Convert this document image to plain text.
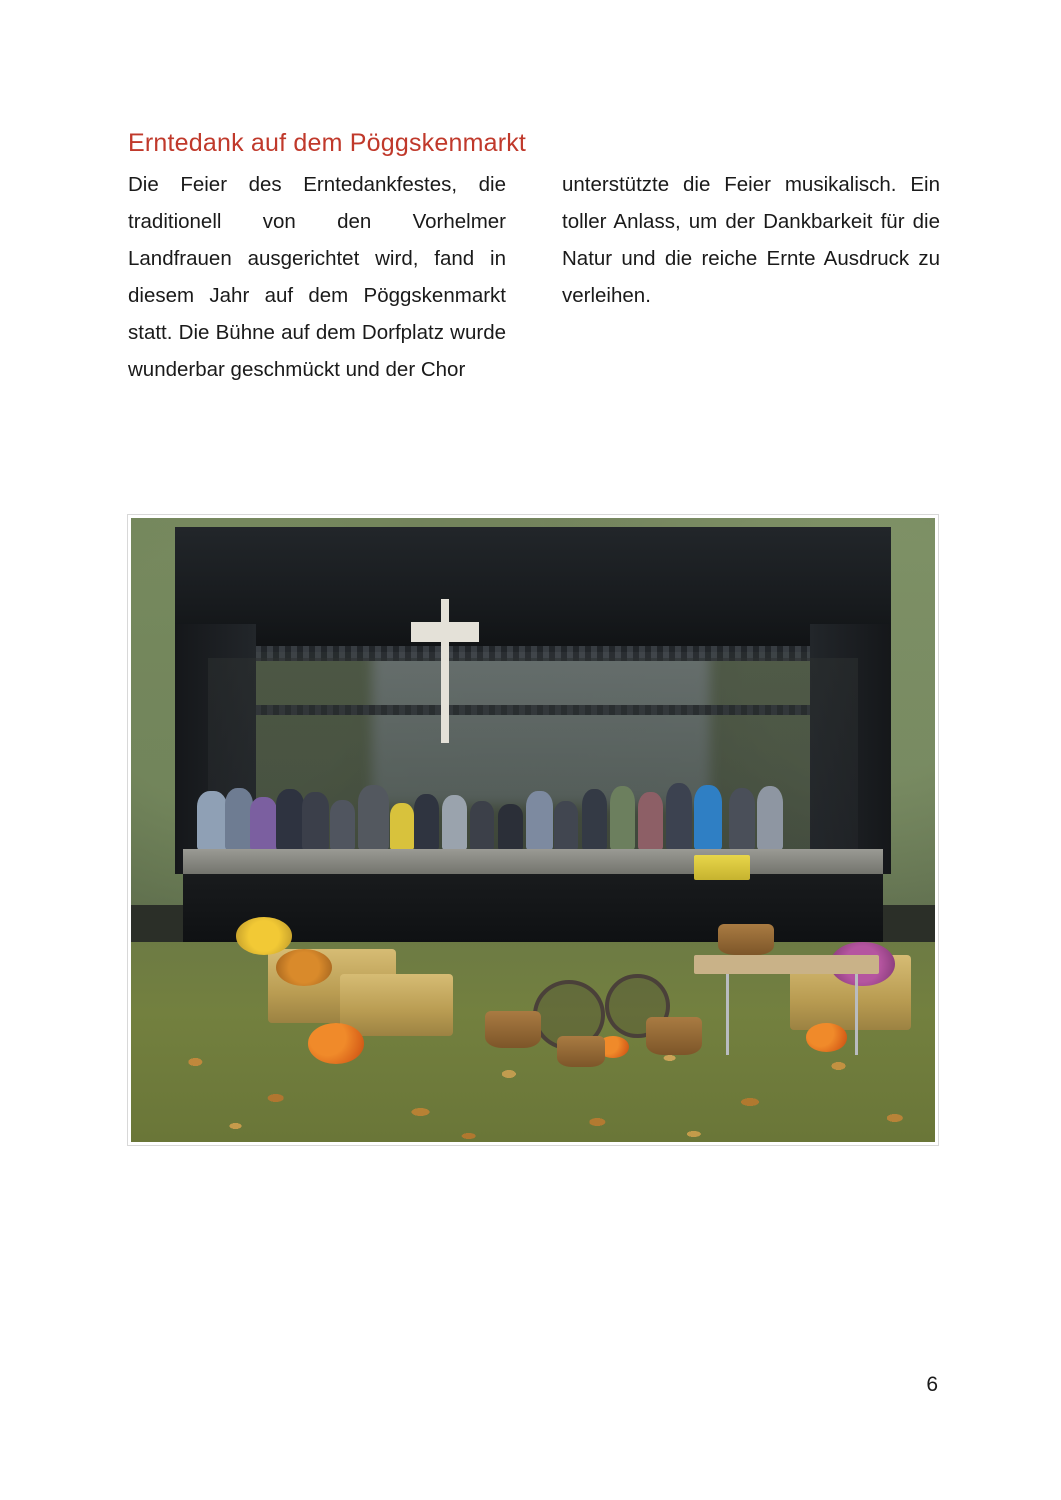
Erntedank auf dem Pöggskenmarkt

Die Feier des Erntedankfestes, die traditionell von den Vorhelmer Landfrauen ausgerichtet wird, fand in diesem Jahr auf dem Pöggskenmarkt statt. Die Bühne auf dem Dorfplatz wurde wunderbar geschmückt und der Chor

unterstützte die Feier musikalisch. Ein toller Anlass, um der Dankbarkeit für die Natur und die reiche Ernte Ausdruck zu verleihen.

6
